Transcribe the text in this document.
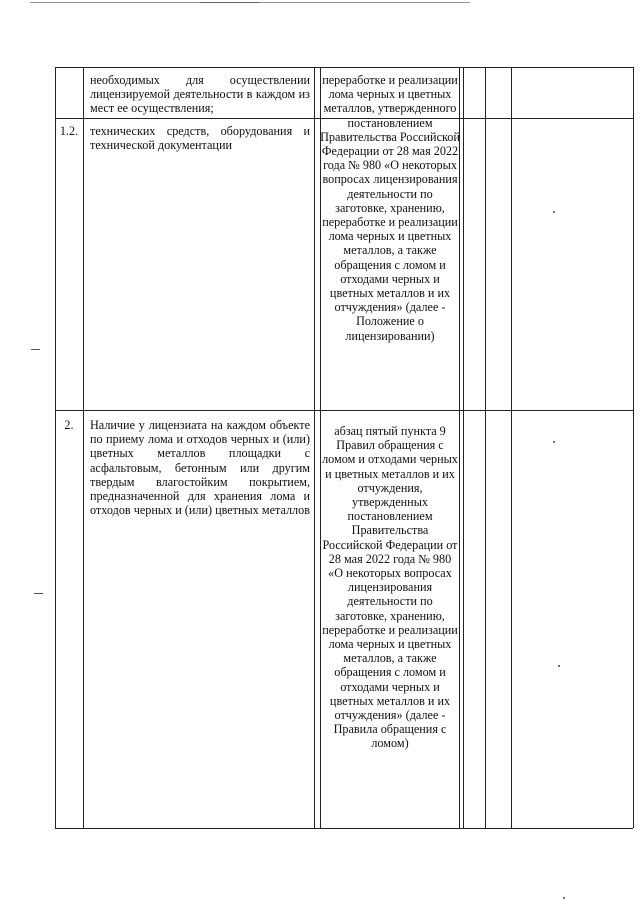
необходимых для осуществлении лицензируемой деятельности в каждом из мест ее осуществления;
переработке и реализации лома черных и цветных металлов, утвержденного постановлением Правительства Российской Федерации от 28 мая 2022 года № 980 «О некоторых вопросах лицензирования деятельности по заготовке, хранению, переработке и реализации лома черных и цветных металлов, а также обращения с ломом и отходами черных и цветных металлов и их отчуждения» (далее - Положение о лицензировании)
1.2. технических средств, оборудования и технической документации
2.	Наличие у лицензиата на каждом объекте по приему лома и отходов черных и (или) цветных металлов площадки с асфальтовым, бетонным или другим твердым влагостойким покрытием, предназначенной для хранения лома и отходов черных и (или) цветных металлов
абзац пятый пункта 9 Правил обращения с ломом и отходами черных и цветных металлов и их отчуждения, утвержденных постановлением Правительства Российской Федерации от 28 мая 2022 года № 980 «О некоторых вопросах лицензирования деятельности по заготовке, хранению, переработке и реализации лома черных и цветных металлов, а также обращения с ломом и отходами черных и цветных металлов и их отчуждения» (далее - Правила обращения с ломом)
